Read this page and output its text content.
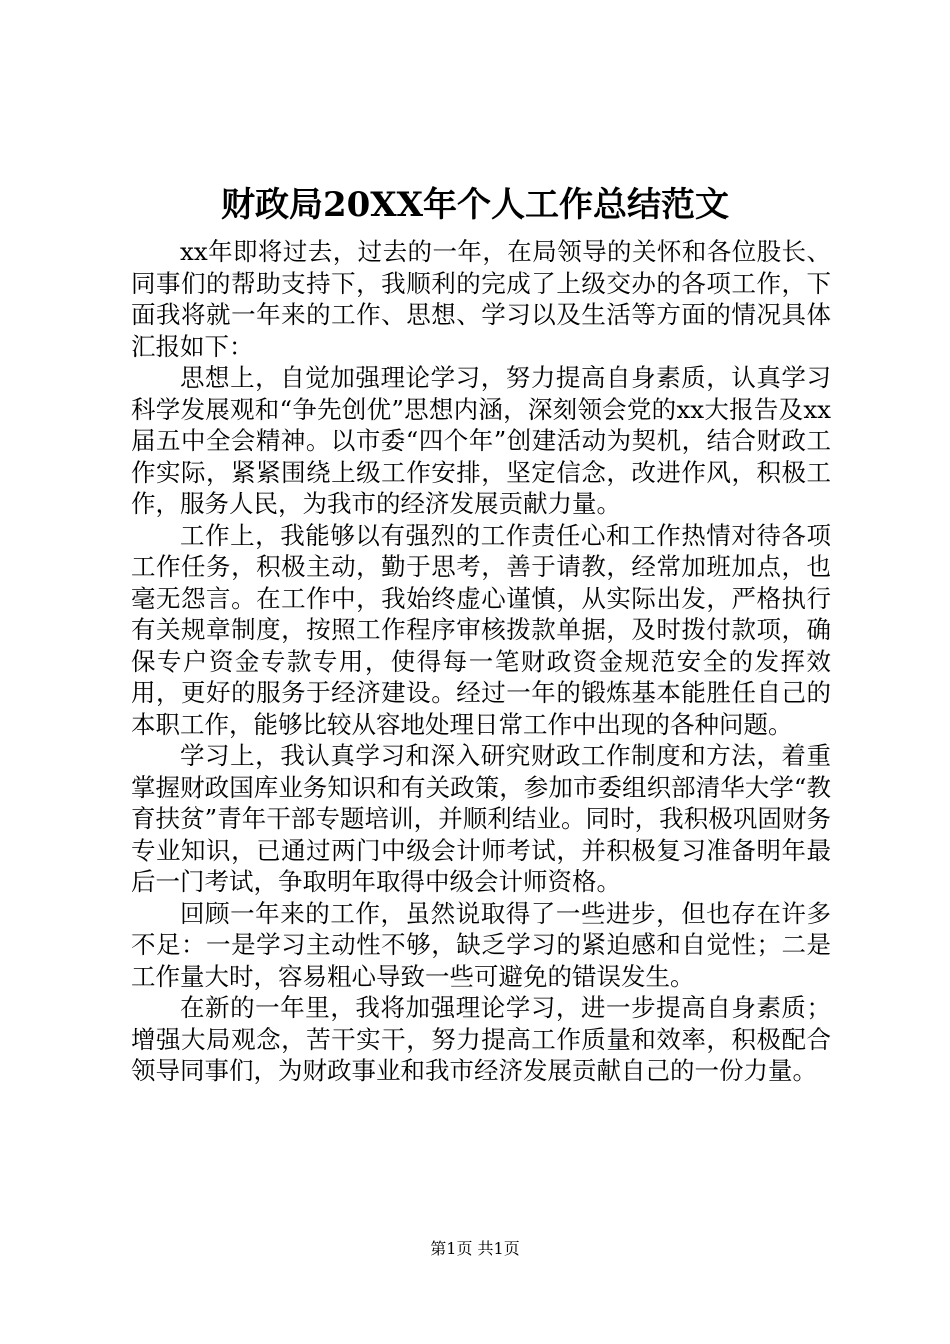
财政局20XX年个人工作总结范文

xx年即将过去，过去的一年，在局领导的关怀和各位股长、同事们的帮助支持下，我顺利的完成了上级交办的各项工作，下面我将就一年来的工作、思想、学习以及生活等方面的情况具体汇报如下：

思想上，自觉加强理论学习，努力提高自身素质，认真学习科学发展观和“争先创优”思想内涵，深刻领会党的xx大报告及xx届五中全会精神。以市委“四个年”创建活动为契机，结合财政工作实际，紧紧围绕上级工作安排，坚定信念，改进作风，积极工作，服务人民，为我市的经济发展贡献力量。

工作上，我能够以有强烈的工作责任心和工作热情对待各项工作任务，积极主动，勤于思考，善于请教，经常加班加点，也毫无怨言。在工作中，我始终虚心谨慎，从实际出发，严格执行有关规章制度，按照工作程序审核拨款单据，及时拨付款项，确保专户资金专款专用，使得每一笔财政资金规范安全的发挥效用，更好的服务于经济建设。经过一年的锻炼基本能胜任自己的本职工作，能够比较从容地处理日常工作中出现的各种问题。

学习上，我认真学习和深入研究财政工作制度和方法，着重掌握财政国库业务知识和有关政策，参加市委组织部清华大学“教育扶贫”青年干部专题培训，并顺利结业。同时，我积极巩固财务专业知识，已通过两门中级会计师考试，并积极复习准备明年最后一门考试，争取明年取得中级会计师资格。

回顾一年来的工作，虽然说取得了一些进步，但也存在许多不足：一是学习主动性不够，缺乏学习的紧迫感和自觉性；二是工作量大时，容易粗心导致一些可避免的错误发生。

在新的一年里，我将加强理论学习，进一步提高自身素质；增强大局观念，苦干实干，努力提高工作质量和效率，积极配合领导同事们，为财政事业和我市经济发展贡献自己的一份力量。

第1页 共1页
